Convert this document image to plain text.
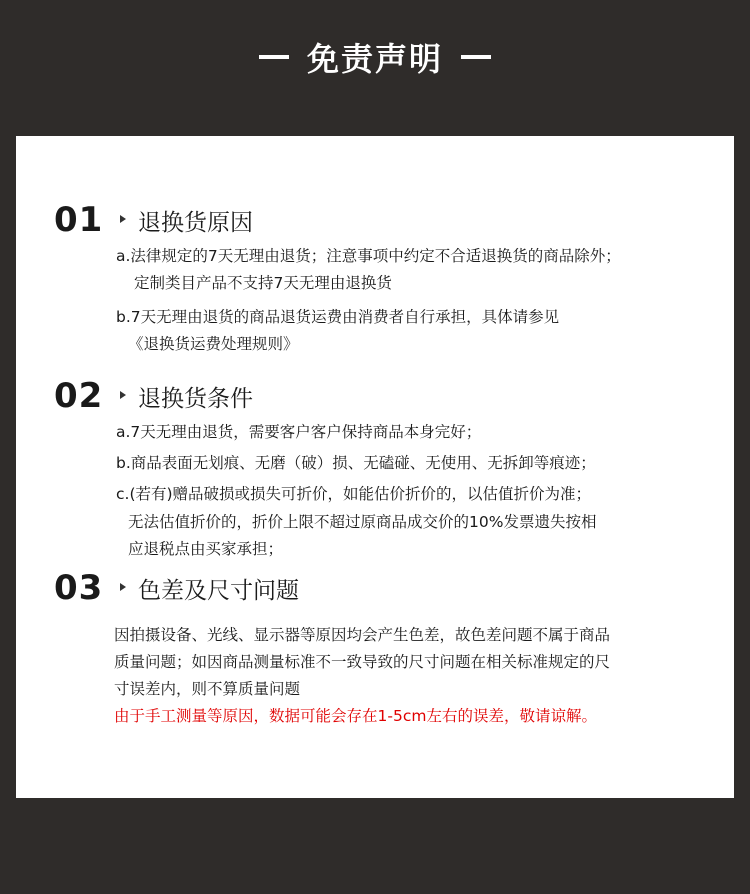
免责声明
01 退换货原因
a.法律规定的7天无理由退货；注意事项中约定不合适退换货的商品除外；
定制类目产品不支持7天无理由退换货
b.7天无理由退货的商品退货运费由消费者自行承担，具体请参见
《退换货运费处理规则》
02 退换货条件
a.7天无理由退货，需要客户客户保持商品本身完好；
b.商品表面无划痕、无磨（破）损、无磕碰、无使用、无拆卸等痕迹；
c.(若有)赠品破损或损失可折价，如能估价折价的，以估值折价为准；
无法估值折价的，折价上限不超过原商品成交价的10%发票遗失按相
应退税点由买家承担；
03 色差及尺寸问题
因拍摄设备、光线、显示器等原因均会产生色差，故色差问题不属于商品
质量问题；如因商品测量标准不一致导致的尺寸问题在相关标准规定的尺
寸误差内，则不算质量问题
由于手工测量等原因，数据可能会存在1-5cm左右的误差，敬请谅解。
